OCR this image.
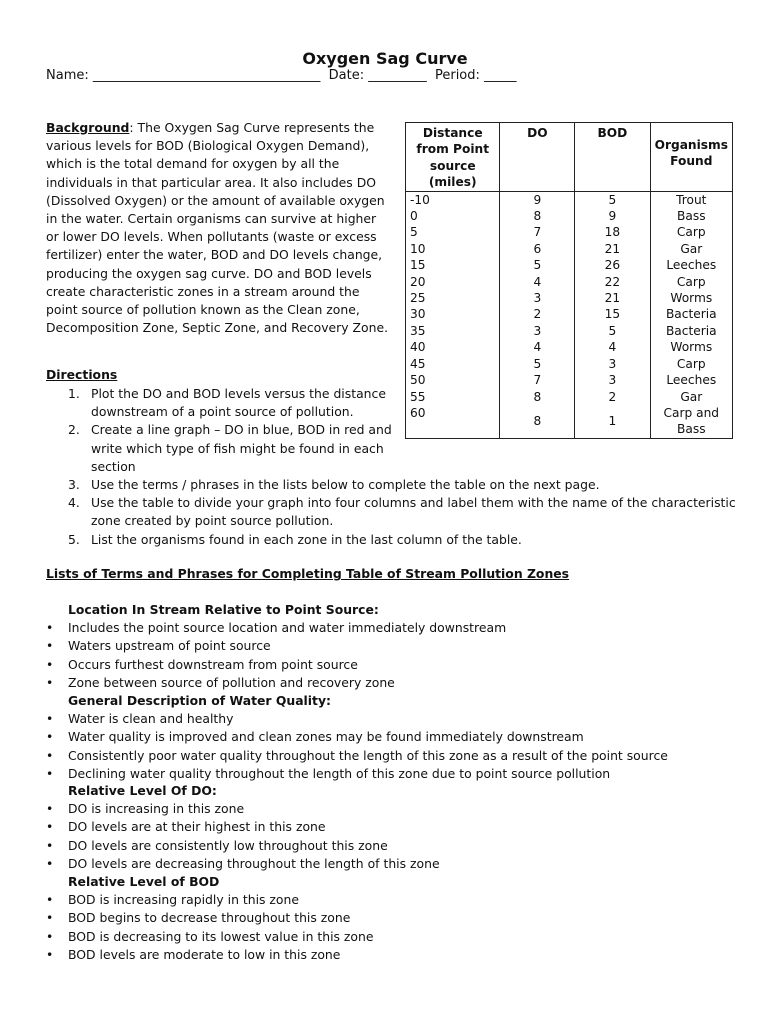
Oxygen Sag Curve
Name: ___________________________________  Date: _________  Period: _____
Background: The Oxygen Sag Curve represents the various levels for BOD (Biological Oxygen Demand), which is the total demand for oxygen by all the individuals in that particular area. It also includes DO (Dissolved Oxygen) or the amount of available oxygen in the water. Certain organisms can survive at higher or lower DO levels. When pollutants (waste or excess fertilizer) enter the water, BOD and DO levels change, producing the oxygen sag curve. DO and BOD levels create characteristic zones in a stream around the point source of pollution known as the Clean zone, Decomposition Zone, Septic Zone, and Recovery Zone.
Directions
1. Plot the DO and BOD levels versus the distance downstream of a point source of pollution.
2. Create a line graph – DO in blue, BOD in red and write which type of fish might be found in each section
3. Use the terms / phrases in the lists below to complete the table on the next page.
4. Use the table to divide your graph into four columns and label them with the name of the characteristic zone created by point source pollution.
5. List the organisms found in each zone in the last column of the table.
Distance from Point source (miles)	DO	BOD	Organisms Found
-10	9	5	Trout
0	8	9	Bass
5	7	18	Carp
10	6	21	Gar
15	5	26	Leeches
20	4	22	Carp
25	3	21	Worms
30	2	15	Bacteria
35	3	5	Bacteria
40	4	4	Worms
45	5	3	Carp
50	7	3	Leeches
55	8	2	Gar
60	8	1	Carp and Bass
Lists of Terms and Phrases for Completing Table of Stream Pollution Zones
Location In Stream Relative to Point Source:
• Includes the point source location and water immediately downstream
• Waters upstream of point source
• Occurs furthest downstream from point source
• Zone between source of pollution and recovery zone
General Description of Water Quality:
• Water is clean and healthy
• Water quality is improved and clean zones may be found immediately downstream
• Consistently poor water quality throughout the length of this zone as a result of the point source
• Declining water quality throughout the length of this zone due to point source pollution
Relative Level Of DO:
• DO is increasing in this zone
• DO levels are at their highest in this zone
• DO levels are consistently low throughout this zone
• DO levels are decreasing throughout the length of this zone
Relative Level of BOD
• BOD is increasing rapidly in this zone
• BOD begins to decrease throughout this zone
• BOD is decreasing to its lowest value in this zone
• BOD levels are moderate to low in this zone
